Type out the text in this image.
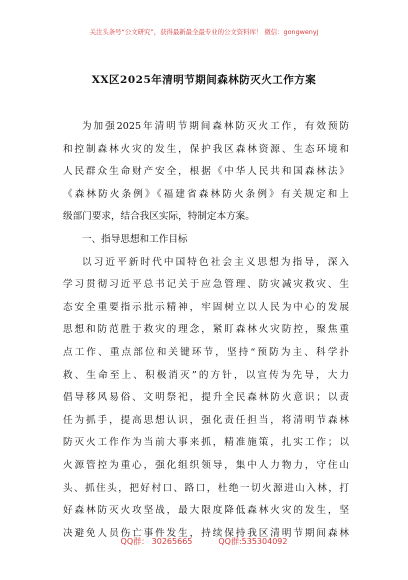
关注头条号“公文研究”，获得最新最全最专业的公文资料库！ 微信：gongwenyj
XX区2025年清明节期间森林防灭火工作方案
为加强2025年清明节期间森林防灭火工作，有效预防
和控制森林火灾的发生，保护我区森林资源、生态环境和
人民群众生命财产安全，根据《中华人民共和国森林法》
《森林防火条例》《福建省森林防火条例》有关规定和上
级部门要求，结合我区实际，特制定本方案。
一、指导思想和工作目标
以习近平新时代中国特色社会主义思想为指导，深入
学习贯彻习近平总书记关于应急管理、防灾减灾救灾、生
态安全重要指示批示精神，牢固树立以人民为中心的发展
思想和防范胜于救灾的理念，紧盯森林火灾防控，聚焦重
点工作、重点部位和关键环节，坚持“预防为主、科学扑
救、生命至上、积极消灭”的方针，以宣传为先导，大力
倡导移风易俗、文明祭祀，提升全民森林防火意识；以责
任为抓手，提高思想认识，强化责任担当，将清明节森林
防灭火工作作为当前大事来抓，精准施策，扎实工作；以
火源管控为重心，强化组织领导，集中人力物力，守住山
头、抓住头，把好村口、路口，杜绝一切火源进山入林，打
好森林防灭火攻坚战，最大限度降低森林火灾的发生，坚
决避免人员伤亡事件发生，持续保持我区清明节期间森林
QQ群： 30265665	QQ群:535304092
